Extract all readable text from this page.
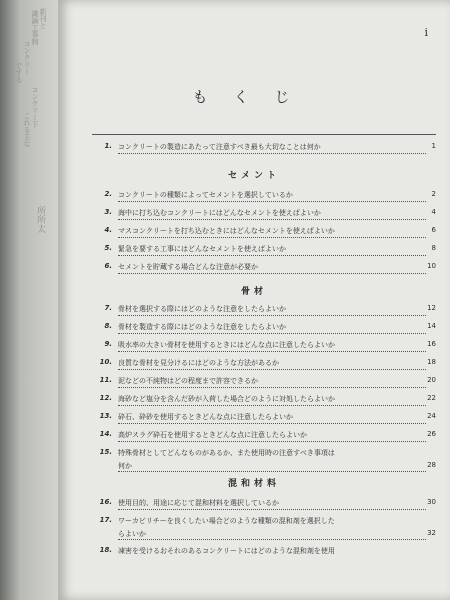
新刊と
識論工事制
コンクリー
でする
コンクリー下
これる主な
所所太
i
もくじ
1. コンクリートの製造にあたって注意すべき最も大切なことは何か	1
セメント
2. コンクリートの種類によってセメントを選択しているか	2
3. 海中に打ち込むコンクリートにはどんなセメントを使えばよいか	4
4. マスコンクリートを打ち込むときにはどんなセメントを使えばよいか	6
5. 緊急を要する工事にはどんなセメントを使えばよいか	8
6. セメントを貯蔵する場合どんな注意が必要か	10
骨材
7. 骨材を選択する際にはどのような注意をしたらよいか	12
8. 骨材を製造する際にはどのような注意をしたらよいか	14
9. 吸水率の大きい骨材を使用するときにはどんな点に注意したらよいか	16
10. 良質な骨材を見分けるにはどのような方法があるか	18
11. 泥などの不純物はどの程度まで許容できるか	20
12. 海砂など塩分を含んだ砂が入荷した場合どのように対処したらよいか	22
13. 砕石、砕砂を使用するときどんな点に注意したらよいか	24
14. 高炉スラグ砕石を使用するときどんな点に注意したらよいか	26
15. 特殊骨材としてどんなものがあるか、また使用時の注意すべき事項は
何か	28
混和材料
16. 使用目的、用途に応じて混和材料を選択しているか	30
17. ワーカビリチーを良くしたい場合どのような種類の混和剤を選択した
らよいか	32
18. 凍害を受けるおそれのあるコンクリートにはどのような混和剤を使用
